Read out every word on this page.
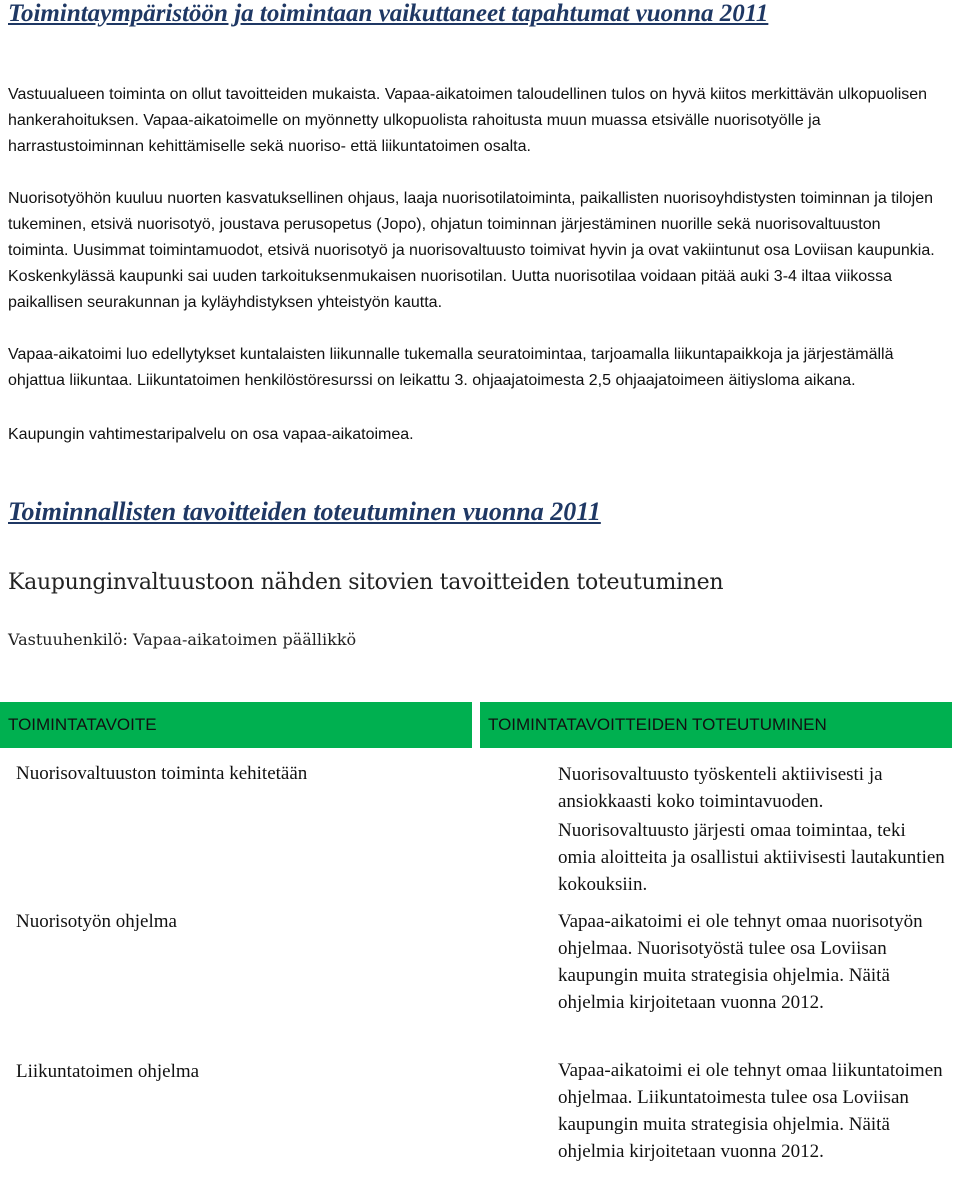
Toimintaympäristöön ja toimintaan vaikuttaneet tapahtumat vuonna 2011

Vastuualueen toiminta on ollut tavoitteiden mukaista. Vapaa-aikatoimen taloudellinen tulos on hyvä kiitos merkittävän ulkopuolisen hankerahoituksen. Vapaa-aikatoimelle on myönnetty ulkopuolista rahoitusta muun muassa etsivälle nuorisotyölle ja harrastustoiminnan kehittämiselle sekä nuoriso- että liikuntatoimen osalta.

Nuorisotyöhön kuuluu nuorten kasvatuksellinen ohjaus, laaja nuorisotilatoiminta, paikallisten nuorisoyhdistysten toiminnan ja tilojen tukeminen, etsivä nuorisotyö, joustava perusopetus (Jopo), ohjatun toiminnan järjestäminen nuorille sekä nuorisovaltuuston toiminta. Uusimmat toimintamuodot, etsivä nuorisotyö ja nuorisovaltuusto toimivat hyvin ja ovat vakiintunut osa Loviisan kaupunkia. Koskenkylässä kaupunki sai uuden tarkoituksenmukaisen nuorisotilan. Uutta nuorisotilaa voidaan pitää auki 3-4 iltaa viikossa paikallisen seurakunnan ja kyläyhdistyksen yhteistyön kautta.

Vapaa-aikatoimi luo edellytykset kuntalaisten liikunnalle tukemalla seuratoimintaa, tarjoamalla liikuntapaikkoja ja järjestämällä ohjattua liikuntaa. Liikuntatoimen henkilöstöresurssi on leikattu 3. ohjaajatoimesta 2,5 ohjaajatoimeen äitiysloma aikana.

Kaupungin vahtimestaripalvelu on osa vapaa-aikatoimea.

Toiminnallisten tavoitteiden toteutuminen vuonna 2011
Kaupunginvaltuustoon nähden sitovien tavoitteiden toteutuminen

Vastuuhenkilö: Vapaa-aikatoimen päällikkö

TOIMINTATAVOITE	TOIMINTATAVOITTEIDEN TOTEUTUMINEN
Nuorisovaltuuston toiminta kehitetään	Nuorisovaltuusto työskenteli aktiivisesti ja ansiokkaasti koko toimintavuoden.
Nuorisovaltuusto järjesti omaa toimintaa, teki omia aloitteita ja osallistui aktiivisesti lautakuntien kokouksiin.
Nuorisotyön ohjelma	Vapaa-aikatoimi ei ole tehnyt omaa nuorisotyön ohjelmaa. Nuorisotyöstä tulee osa Loviisan kaupungin muita strategisia ohjelmia. Näitä ohjelmia kirjoitetaan vuonna 2012.
Liikuntatoimen ohjelma	Vapaa-aikatoimi ei ole tehnyt omaa liikuntatoimen ohjelmaa. Liikuntatoimesta tulee osa Loviisan kaupungin muita strategisia ohjelmia. Näitä ohjelmia kirjoitetaan vuonna 2012.
